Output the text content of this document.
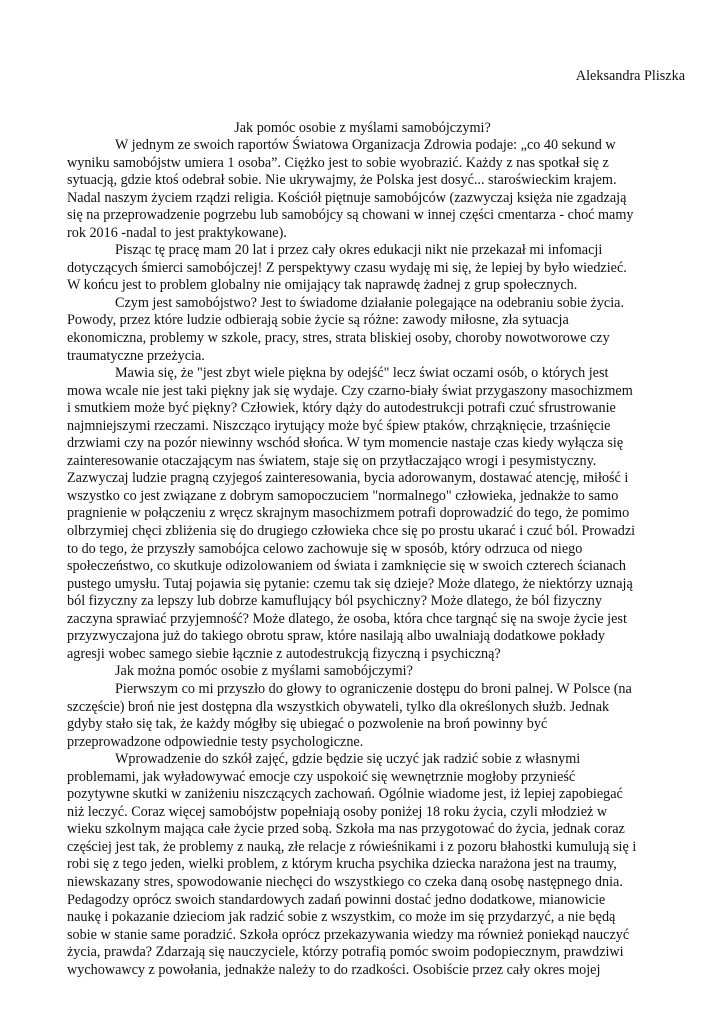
Aleksandra Pliszka
Jak pomóc osobie z myślami samobójczymi?
W jednym ze swoich raportów Światowa Organizacja Zdrowia podaje: „co 40 sekund w
wyniku samobójstw umiera 1 osoba”. Ciężko jest to sobie wyobrazić. Każdy z nas spotkał się z
sytuacją, gdzie ktoś odebrał sobie. Nie ukrywajmy, że Polska jest dosyć... staroświeckim krajem.
Nadal naszym życiem rządzi religia. Kościół piętnuje samobójców (zazwyczaj księża nie zgadzają
się na przeprowadzenie pogrzebu lub samobójcy są chowani w innej części cmentarza - choć mamy
rok 2016 -nadal to jest praktykowane).
Pisząc tę pracę mam 20 lat i przez cały okres edukacji nikt nie przekazał mi infomacji
dotyczących śmierci samobójczej! Z perspektywy czasu wydaję mi się, że lepiej by było wiedzieć.
W końcu jest to problem globalny nie omijający tak naprawdę żadnej z grup społecznych.
Czym jest samobójstwo? Jest to świadome działanie polegające na odebraniu sobie życia.
Powody, przez które ludzie odbierają sobie życie są różne: zawody miłosne, zła sytuacja
ekonomiczna, problemy w szkole, pracy, stres, strata bliskiej osoby, choroby nowotworowe czy
traumatyczne przeżycia.
Mawia się, że "jest zbyt wiele piękna by odejść" lecz świat oczami osób, o których jest
mowa wcale nie jest taki piękny jak się wydaje. Czy czarno-biały świat przygaszony masochizmem
i smutkiem może być piękny? Człowiek, który dąży do autodestrukcji potrafi czuć sfrustrowanie
najmniejszymi rzeczami. Niszcząco irytujący może być śpiew ptaków, chrząknięcie, trzaśnięcie
drzwiami czy na pozór niewinny wschód słońca. W tym momencie nastaje czas kiedy wyłącza się
zainteresowanie otaczającym nas światem, staje się on przytłaczająco wrogi i pesymistyczny.
Zazwyczaj ludzie pragną czyjegoś zainteresowania, bycia adorowanym, dostawać atencję, miłość i
wszystko co jest związane z dobrym samopoczuciem "normalnego" człowieka, jednakże to samo
pragnienie w połączeniu z wręcz skrajnym masochizmem potrafi doprowadzić do tego, że pomimo
olbrzymiej chęci zbliżenia się do drugiego człowieka chce się po prostu ukarać i czuć ból. Prowadzi
to do tego, że przyszły samobójca celowo zachowuje się w sposób, który odrzuca od niego
społeczeństwo, co skutkuje odizolowaniem od świata i zamknięcie się w swoich czterech ścianach
pustego umysłu. Tutaj pojawia się pytanie: czemu tak się dzieje? Może dlatego, że niektórzy uznają
ból fizyczny za lepszy lub dobrze kamuflujący ból psychiczny? Może dlatego, że ból fizyczny
zaczyna sprawiać przyjemność? Może dlatego, że osoba, która chce targnąć się na swoje życie jest
przyzwyczajona już do takiego obrotu spraw, które nasilają albo uwalniają dodatkowe pokłady
agresji wobec samego siebie łącznie z autodestrukcją fizyczną i psychiczną?
Jak można pomóc osobie z myślami samobójczymi?
Pierwszym co mi przyszło do głowy to ograniczenie dostępu do broni palnej. W Polsce (na
szczęście) broń nie jest dostępna dla wszystkich obywateli, tylko dla określonych służb. Jednak
gdyby stało się tak, że każdy mógłby się ubiegać o pozwolenie na broń powinny być
przeprowadzone odpowiednie testy psychologiczne.
Wprowadzenie do szkół zajęć, gdzie będzie się uczyć jak radzić sobie z własnymi
problemami, jak wyładowywać emocje czy uspokoić się wewnętrznie mogłoby przynieść
pozytywne skutki w zaniżeniu niszczących zachowań. Ogólnie wiadome jest, iż lepiej zapobiegać
niż leczyć. Coraz więcej samobójstw popełniają osoby poniżej 18 roku życia, czyli młodzież w
wieku szkolnym mająca całe życie przed sobą. Szkoła ma nas przygotować do życia, jednak coraz
częściej jest tak, że problemy z nauką, złe relacje z rówieśnikami i z pozoru błahostki kumulują się i
robi się z tego jeden, wielki problem, z którym krucha psychika dziecka narażona jest na traumy,
niewskazany stres, spowodowanie niechęci do wszystkiego co czeka daną osobę następnego dnia.
Pedagodzy oprócz swoich standardowych zadań powinni dostać jedno dodatkowe, mianowicie
naukę i pokazanie dzieciom jak radzić sobie z wszystkim, co może im się przydarzyć, a nie będą
sobie w stanie same poradzić. Szkoła oprócz przekazywania wiedzy ma również poniekąd nauczyć
życia, prawda? Zdarzają się nauczyciele, którzy potrafią pomóc swoim podopiecznym, prawdziwi
wychowawcy z powołania, jednakże należy to do rzadkości. Osobiście przez cały okres mojej
